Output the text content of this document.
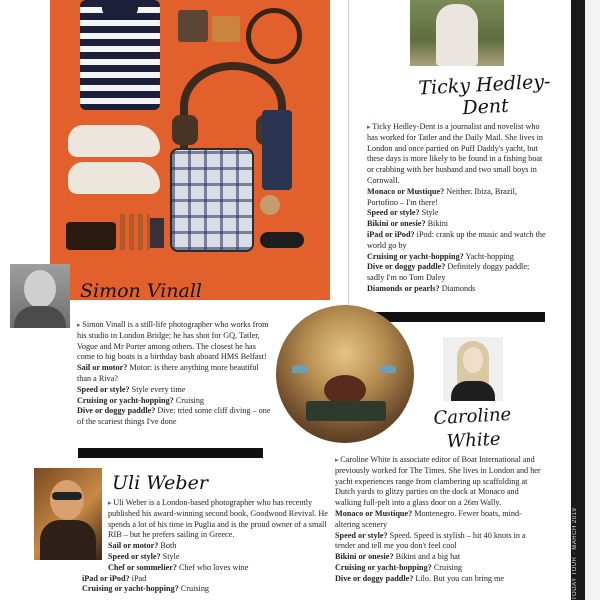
TODAY TOUR · MARCH 2019
Ticky Hedley-Dent
Simon Vinall
Caroline White
Uli Weber

▸ Ticky Hedley-Dent is a journalist and novelist who has worked for Tatler and the Daily Mail. She lives in London and once partied on Puff Daddy's yacht, but these days is more likely to be found in a fishing boat or crabbing with her husband and two small boys in Cornwall.

Monaco or Mustique? Neither. Ibiza, Brazil, Portofino – I'm there!

Speed or style? Style

Bikini or onesie? Bikini

iPad or iPod? iPod: crank up the music and watch the world go by

Cruising or yacht-hopping? Yacht-hopping

Dive or doggy paddle? Definitely doggy paddle; sadly I'm no Tom Daley

Diamonds or pearls? Diamonds

▸ Simon Vinall is a still-life photographer who works from his studio in London Bridge; he has shot for GQ, Tatler, Vogue and Mr Porter among others. The closest he has come to big boats is a birthday bash aboard HMS Belfast!

Sail or motor? Motor: is there anything more beautiful than a Riva?

Speed or style? Style every time

Cruising or yacht-hopping? Cruising

Dive or doggy paddle? Dive: tried some cliff diving – one of the scariest things I've done

▸ Caroline White is associate editor of Boat International and previously worked for The Times. She lives in London and her yacht experiences range from clambering up scaffolding at Dutch yards to glitzy parties on the dock at Monaco and walking full-pelt into a glass door on a 26m Wally.

Monaco or Mustique? Montenegro. Fewer boats, mind-altering scenery

Speed or style? Speed. Speed is stylish – hit 40 knots in a tender and tell me you don't feel cool

Bikini or onesie? Bikini and a big hat

Cruising or yacht-hopping? Cruising

Dive or doggy paddle? Lilo. But you can bring me

▸ Uli Weber is a London-based photographer who has recently published his award-winning second book, Goodwood Revival. He spends a lot of his time in Puglia and is the proud owner of a small RIB – but he prefers sailing in Greece.

Sail or motor? Both

Speed or style? Style

Chef or sommelier? Chef who loves wine

iPad or iPod? iPad

Cruising or yacht-hopping? Cruising
